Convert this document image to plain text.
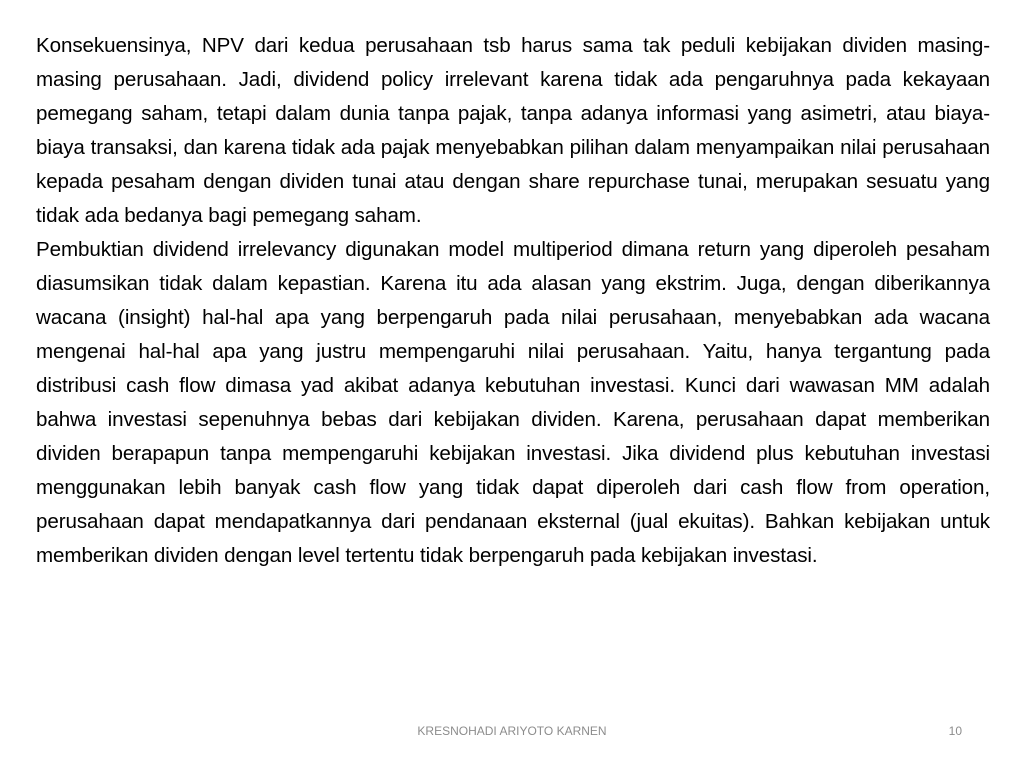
Konsekuensinya, NPV dari kedua perusahaan tsb harus sama tak peduli kebijakan dividen masing-masing perusahaan. Jadi, dividend policy irrelevant karena tidak ada pengaruhnya pada kekayaan pemegang saham, tetapi dalam dunia tanpa pajak, tanpa adanya informasi yang asimetri, atau biaya-biaya transaksi, dan karena tidak ada pajak menyebabkan pilihan dalam menyampaikan nilai perusahaan kepada pesaham dengan dividen tunai atau dengan share repurchase tunai, merupakan sesuatu yang tidak ada bedanya bagi pemegang saham.

Pembuktian dividend irrelevancy digunakan model multiperiod dimana return yang diperoleh pesaham diasumsikan tidak dalam kepastian. Karena itu ada alasan yang ekstrim. Juga, dengan diberikannya wacana (insight) hal-hal apa yang berpengaruh pada nilai perusahaan, menyebabkan ada wacana mengenai hal-hal apa yang justru mempengaruhi nilai perusahaan. Yaitu, hanya tergantung pada distribusi cash flow dimasa yad akibat adanya kebutuhan investasi. Kunci dari wawasan MM adalah bahwa investasi sepenuhnya bebas dari kebijakan dividen. Karena, perusahaan dapat memberikan dividen berapapun tanpa mempengaruhi kebijakan investasi. Jika dividend plus kebutuhan investasi menggunakan lebih banyak cash flow yang tidak dapat diperoleh dari cash flow from operation, perusahaan dapat mendapatkannya dari pendanaan eksternal (jual ekuitas). Bahkan kebijakan untuk memberikan dividen dengan level tertentu tidak berpengaruh pada kebijakan investasi.

KRESNOHADI ARIYOTO KARNEN	10
